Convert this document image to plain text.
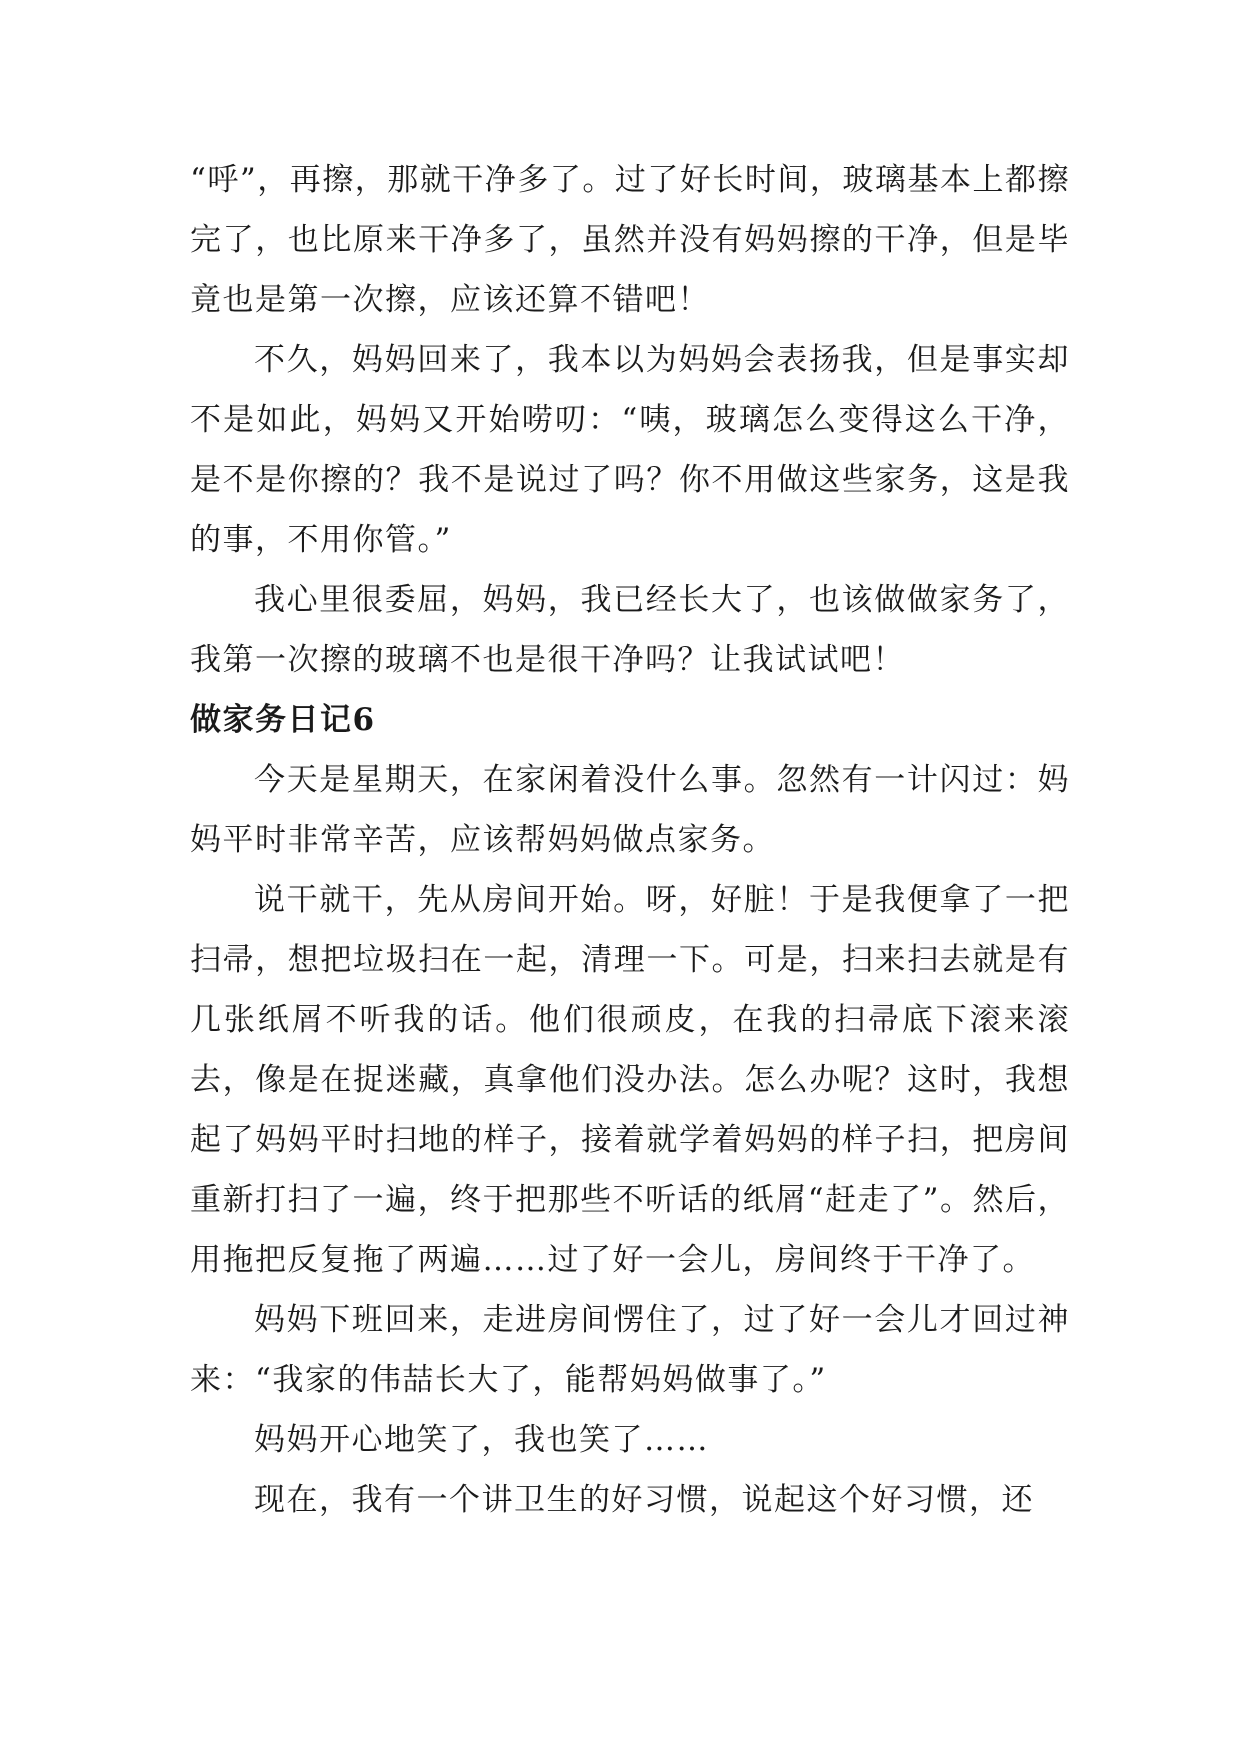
“呼”，再擦，那就干净多了。过了好长时间，玻璃基本上都擦完了，也比原来干净多了，虽然并没有妈妈擦的干净，但是毕竟也是第一次擦，应该还算不错吧！

不久，妈妈回来了，我本以为妈妈会表扬我，但是事实却不是如此，妈妈又开始唠叨：“咦，玻璃怎么变得这么干净，是不是你擦的？我不是说过了吗？你不用做这些家务，这是我的事，不用你管。”

我心里很委屈，妈妈，我已经长大了，也该做做家务了，我第一次擦的玻璃不也是很干净吗？让我试试吧！

做家务日记6

今天是星期天，在家闲着没什么事。忽然有一计闪过：妈妈平时非常辛苦，应该帮妈妈做点家务。

说干就干，先从房间开始。呀，好脏！于是我便拿了一把扫帚，想把垃圾扫在一起，清理一下。可是，扫来扫去就是有几张纸屑不听我的话。他们很顽皮，在我的扫帚底下滚来滚去，像是在捉迷藏，真拿他们没办法。怎么办呢？这时，我想起了妈妈平时扫地的样子，接着就学着妈妈的样子扫，把房间重新打扫了一遍，终于把那些不听话的纸屑“赶走了”。然后，用拖把反复拖了两遍……过了好一会儿，房间终于干净了。

妈妈下班回来，走进房间愣住了，过了好一会儿才回过神来：“我家的伟喆长大了，能帮妈妈做事了。”

妈妈开心地笑了，我也笑了……

现在，我有一个讲卫生的好习惯，说起这个好习惯，还
